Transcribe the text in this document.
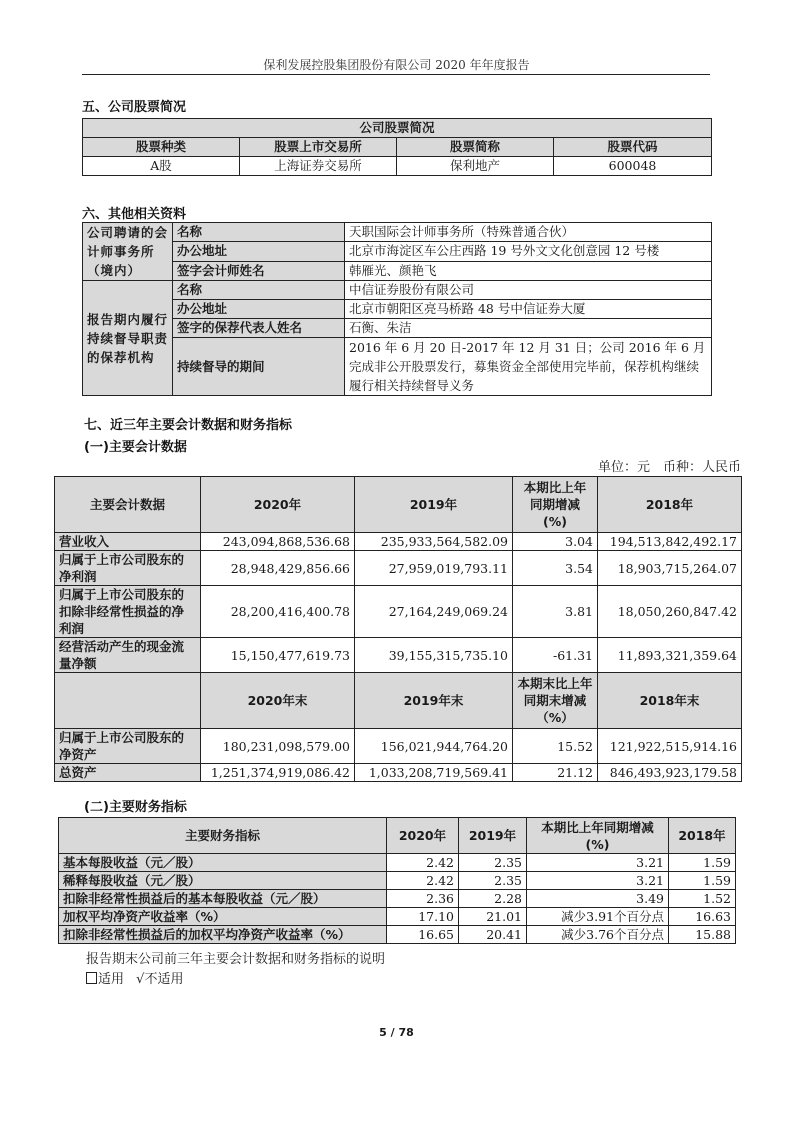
保利发展控股集团股份有限公司 2020 年年度报告
五、公司股票简况
公司股票简况			
股票种类	股票上市交易所	股票简称	股票代码
A股	上海证券交易所	保利地产	600048
六、其他相关资料
公司聘请的会计师事务所（境内）	名称	天职国际会计师事务所（特殊普通合伙）
	办公地址	北京市海淀区车公庄西路 19 号外文文化创意园 12 号楼
	签字会计师姓名	韩雁光、颜艳飞
报告期内履行持续督导职责的保荐机构	名称	中信证券股份有限公司
	办公地址	北京市朝阳区亮马桥路 48 号中信证券大厦
	签字的保荐代表人姓名	石衡、朱洁
	持续督导的期间	2016 年 6 月 20 日-2017 年 12 月 31 日；公司 2016 年 6 月完成非公开股票发行，募集资金全部使用完毕前，保荐机构继续履行相关持续督导义务
七、近三年主要会计数据和财务指标
(一)主要会计数据
单位：元　币种：人民币
主要会计数据	2020年	2019年	本期比上年同期增减(%)	2018年
营业收入	243,094,868,536.68	235,933,564,582.09	3.04	194,513,842,492.17
归属于上市公司股东的净利润	28,948,429,856.66	27,959,019,793.11	3.54	18,903,715,264.07
归属于上市公司股东的扣除非经常性损益的净利润	28,200,416,400.78	27,164,249,069.24	3.81	18,050,260,847.42
经营活动产生的现金流量净额	15,150,477,619.73	39,155,315,735.10	-61.31	11,893,321,359.64
	2020年末	2019年末	本期末比上年同期末增减（%）	2018年末
归属于上市公司股东的净资产	180,231,098,579.00	156,021,944,764.20	15.52	121,922,515,914.16
总资产	1,251,374,919,086.42	1,033,208,719,569.41	21.12	846,493,923,179.58
(二)主要财务指标
主要财务指标	2020年	2019年	本期比上年同期增减(%)	2018年
基本每股收益（元／股）	2.42	2.35	3.21	1.59
稀释每股收益（元／股）	2.42	2.35	3.21	1.59
扣除非经常性损益后的基本每股收益（元／股）	2.36	2.28	3.49	1.52
加权平均净资产收益率（%）	17.10	21.01	减少3.91个百分点	16.63
扣除非经常性损益后的加权平均净资产收益率（%）	16.65	20.41	减少3.76个百分点	15.88
报告期末公司前三年主要会计数据和财务指标的说明
适用 √不适用
5 / 78
